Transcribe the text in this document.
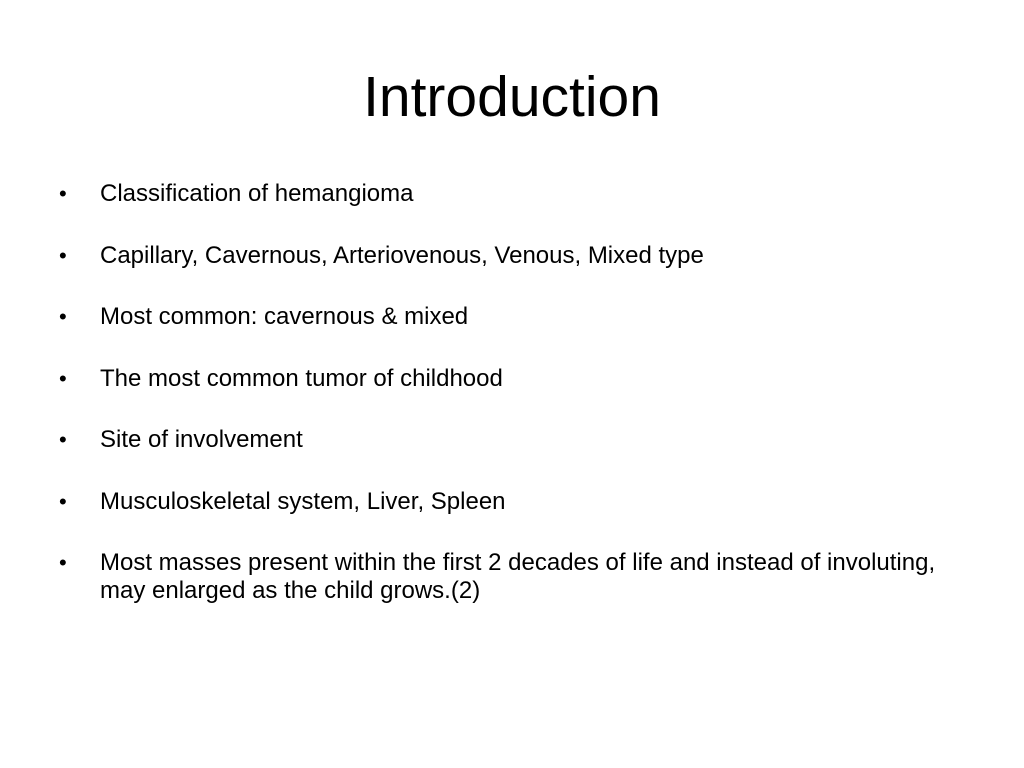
Introduction
•	Classification of hemangioma
•	Capillary, Cavernous, Arteriovenous, Venous, Mixed type
•	Most common: cavernous & mixed
•	The most common tumor of childhood
•	Site of involvement
•	Musculoskeletal system, Liver, Spleen
•	Most masses present within the first 2 decades of life and instead of involuting, may enlarged as the child grows.(2)
